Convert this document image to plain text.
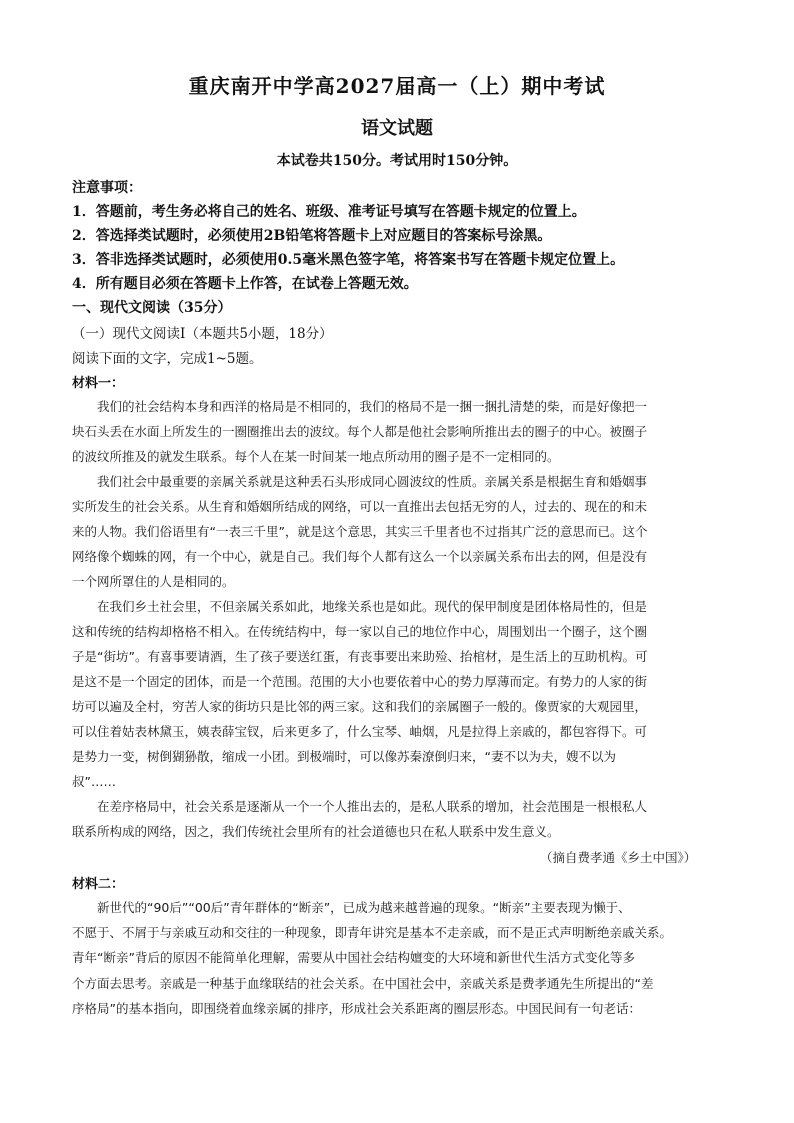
重庆南开中学高2027届高一（上）期中考试
语文试题
本试卷共150分。考试用时150分钟。
注意事项：
1．答题前，考生务必将自己的姓名、班级、准考证号填写在答题卡规定的位置上。
2．答选择类试题时，必须使用2B铅笔将答题卡上对应题目的答案标号涂黑。
3．答非选择类试题时，必须使用0.5毫米黑色签字笔，将答案书写在答题卡规定位置上。
4．所有题目必须在答题卡上作答，在试卷上答题无效。
一、现代文阅读（35分）
（一）现代文阅读Ⅰ（本题共5小题，18分）
阅读下面的文字，完成1~5题。
材料一：
　　我们的社会结构本身和西洋的格局是不相同的，我们的格局不是一捆一捆扎清楚的柴，而是好像把一
块石头丢在水面上所发生的一圈圈推出去的波纹。每个人都是他社会影响所推出去的圈子的中心。被圈子
的波纹所推及的就发生联系。每个人在某一时间某一地点所动用的圈子是不一定相同的。
　　我们社会中最重要的亲属关系就是这种丢石头形成同心圆波纹的性质。亲属关系是根据生育和婚姻事
实所发生的社会关系。从生育和婚姻所结成的网络，可以一直推出去包括无穷的人，过去的、现在的和未
来的人物。我们俗语里有“一表三千里”，就是这个意思，其实三千里者也不过指其广泛的意思而已。这个
网络像个蜘蛛的网，有一个中心，就是自己。我们每个人都有这么一个以亲属关系布出去的网，但是没有
一个网所罩住的人是相同的。
　　在我们乡土社会里，不但亲属关系如此，地缘关系也是如此。现代的保甲制度是团体格局性的，但是
这和传统的结构却格格不相入。在传统结构中，每一家以自己的地位作中心，周围划出一个圈子，这个圈
子是“街坊”。有喜事要请酒，生了孩子要送红蛋，有丧事要出来助殓、抬棺材，是生活上的互助机构。可
是这不是一个固定的团体，而是一个范围。范围的大小也要依着中心的势力厚薄而定。有势力的人家的街
坊可以遍及全村，穷苦人家的街坊只是比邻的两三家。这和我们的亲属圈子一般的。像贾家的大观园里，
可以住着姑表林黛玉，姨表薛宝钗，后来更多了，什么宝琴、岫烟，凡是拉得上亲戚的，都包容得下。可
是势力一变，树倒猢狲散，缩成一小团。到极端时，可以像苏秦潦倒归来，“妻不以为夫，嫂不以为
叔”……
　　在差序格局中，社会关系是逐渐从一个一个人推出去的，是私人联系的增加，社会范围是一根根私人
联系所构成的网络，因之，我们传统社会里所有的社会道德也只在私人联系中发生意义。
（摘自费孝通《乡土中国》）
材料二：
　　新世代的“90后”“00后”青年群体的“断亲”，已成为越来越普遍的现象。“断亲”主要表现为懒于、
不愿于、不屑于与亲戚互动和交往的一种现象，即青年讲究是基本不走亲戚，而不是正式声明断绝亲戚关系。
青年“断亲”背后的原因不能简单化理解，需要从中国社会结构嬗变的大环境和新世代生活方式变化等多
个方面去思考。亲戚是一种基于血缘联结的社会关系。在中国社会中，亲戚关系是费孝通先生所提出的“差
序格局”的基本指向，即围绕着血缘亲属的排序，形成社会关系距离的圈层形态。中国民间有一句老话：
